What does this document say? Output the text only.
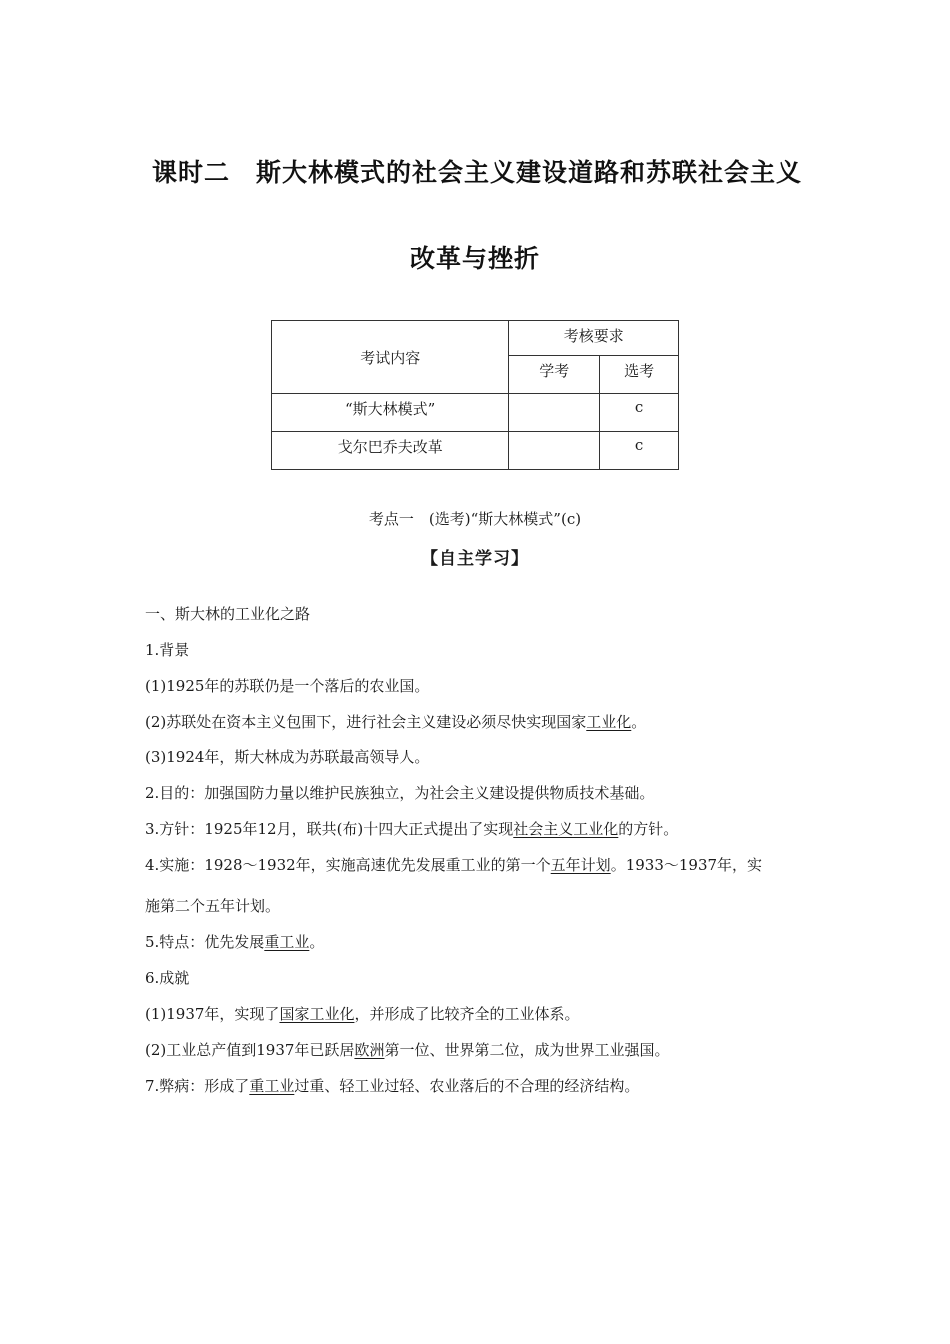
课时二　斯大林模式的社会主义建设道路和苏联社会主义
改革与挫折
考试内容	考核要求	
	学考	选考
“斯大林模式”		c
戈尔巴乔夫改革		c
考点一　(选考)“斯大林模式”(c)
【自主学习】
一、斯大林的工业化之路
1.背景
(1)1925年的苏联仍是一个落后的农业国。
(2)苏联处在资本主义包围下，进行社会主义建设必须尽快实现国家工业化。
(3)1924年，斯大林成为苏联最高领导人。
2.目的：加强国防力量以维护民族独立，为社会主义建设提供物质技术基础。
3.方针：1925年12月，联共(布)十四大正式提出了实现社会主义工业化的方针。
4.实施：1928～1932年，实施高速优先发展重工业的第一个五年计划。1933～1937年，实
施第二个五年计划。
5.特点：优先发展重工业。
6.成就
(1)1937年，实现了国家工业化，并形成了比较齐全的工业体系。
(2)工业总产值到1937年已跃居欧洲第一位、世界第二位，成为世界工业强国。
7.弊病：形成了重工业过重、轻工业过轻、农业落后的不合理的经济结构。
